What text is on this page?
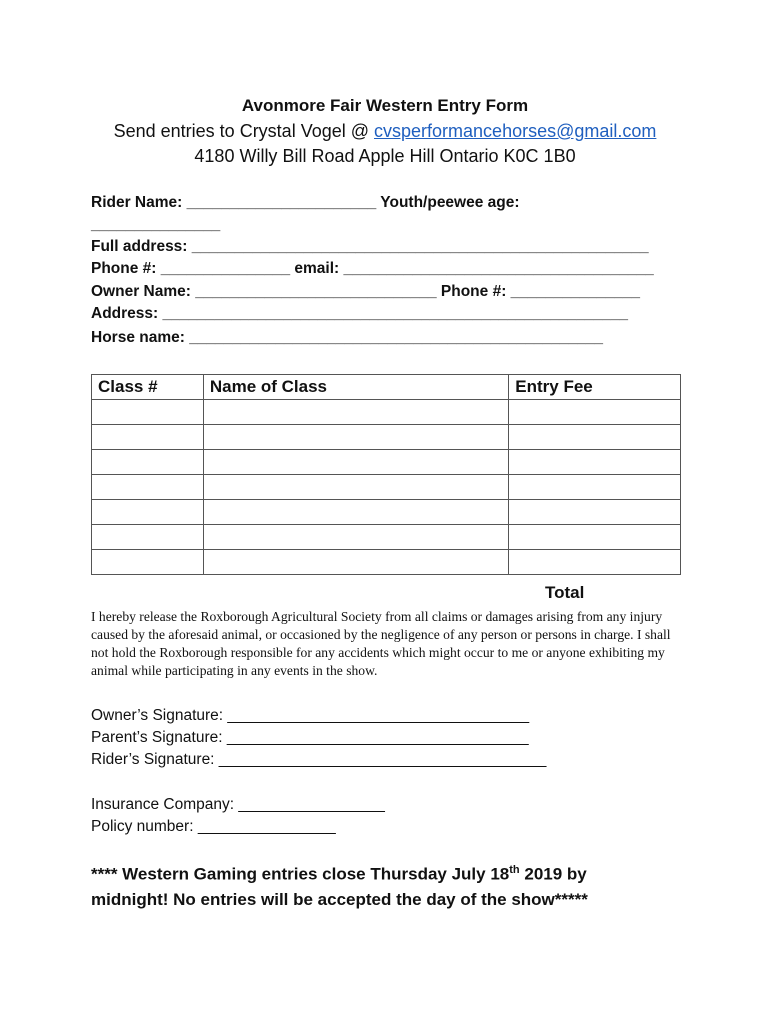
Avonmore Fair Western Entry Form
Send entries to Crystal Vogel @ cvsperformancehorses@gmail.com
4180 Willy Bill Road Apple Hill Ontario K0C 1B0
Rider Name: ______________________ Youth/peewee age:
_______________
Full address: _____________________________________________________
Phone #: _______________ email: ____________________________________
Owner Name: ____________________________ Phone #: _______________
Address: ______________________________________________________
Horse name: ________________________________________________
Class #	Name of Class	Entry Fee

Total
I hereby release the Roxborough Agricultural Society from all claims or damages arising from any injury caused by the aforesaid animal, or occasioned by the negligence of any person or persons in charge. I shall not hold the Roxborough responsible for any accidents which might occur to me or anyone exhibiting my animal while participating in any events in the show.
Owner’s Signature: ___________________________________
Parent’s Signature: ___________________________________
Rider’s Signature: ______________________________________
Insurance Company: _________________
Policy number: ________________
**** Western Gaming entries close Thursday July 18th 2019 by
midnight! No entries will be accepted the day of the show*****
